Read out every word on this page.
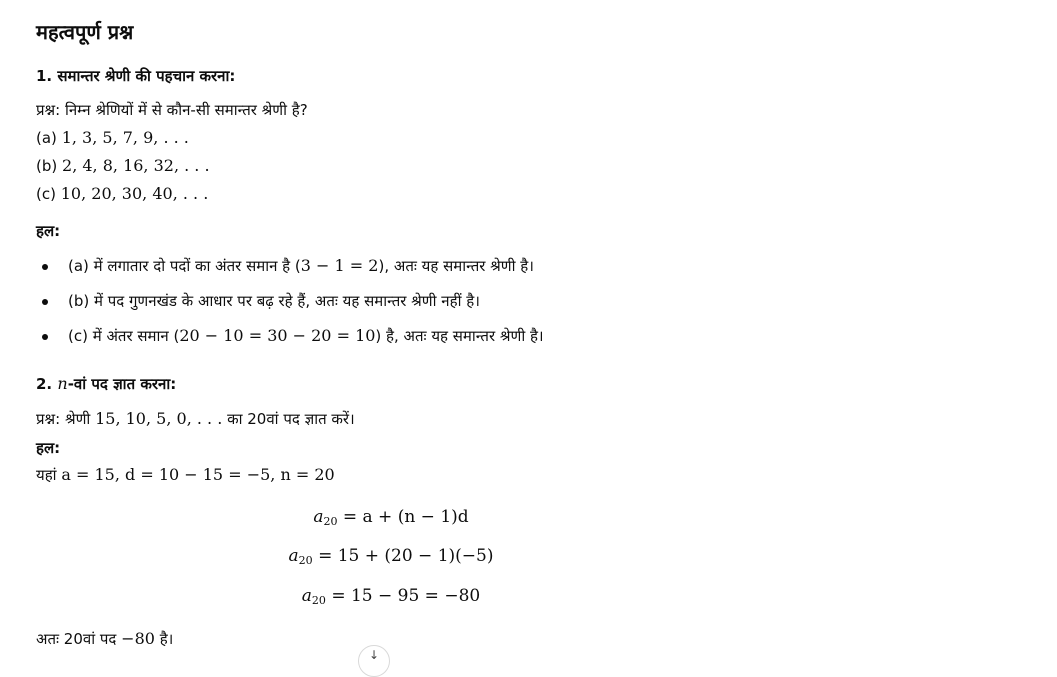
महत्वपूर्ण प्रश्न
1. समान्तर श्रेणी की पहचान करना:
प्रश्न: निम्न श्रेणियों में से कौन-सी समान्तर श्रेणी है?
(a) 1, 3, 5, 7, 9, . . .
(b) 2, 4, 8, 16, 32, . . .
(c) 10, 20, 30, 40, . . .
हल:
(a) में लगातार दो पदों का अंतर समान है (3 − 1 = 2), अतः यह समान्तर श्रेणी है।
(b) में पद गुणनखंड के आधार पर बढ़ रहे हैं, अतः यह समान्तर श्रेणी नहीं है।
(c) में अंतर समान (20 − 10 = 30 − 20 = 10) है, अतः यह समान्तर श्रेणी है।
2. n-वां पद ज्ञात करना:
प्रश्न: श्रेणी 15, 10, 5, 0, . . . का 20वां पद ज्ञात करें।
हल:
यहां a = 15, d = 10 − 15 = −5, n = 20
$a_{20} = a + (n - 1)d$
$a_{20} = 15 + (20 - 1)(-5)$
$a_{20} = 15 - 95 = -80$
अतः 20वां पद −80 है।
↓
